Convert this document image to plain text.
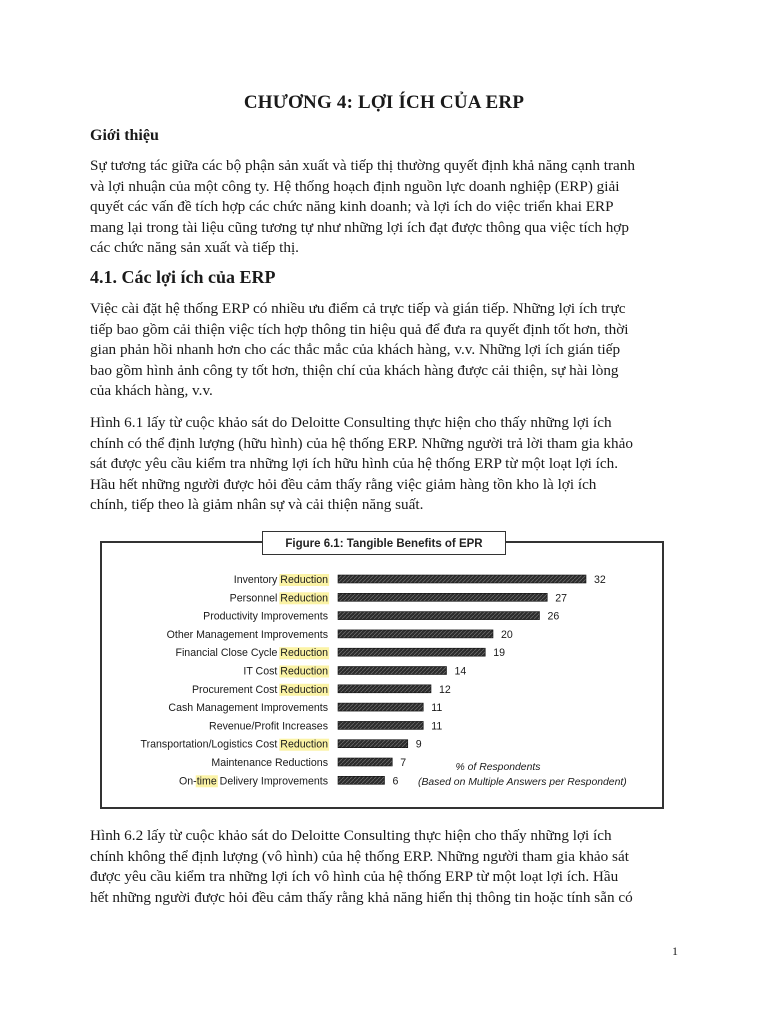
CHƯƠNG 4: LỢI ÍCH CỦA ERP
Giới thiệu
Sự tương tác giữa các bộ phận sản xuất và tiếp thị thường quyết định khả năng cạnh tranh
và lợi nhuận của một công ty. Hệ thống hoạch định nguồn lực doanh nghiệp (ERP) giải
quyết các vấn đề tích hợp các chức năng kinh doanh; và lợi ích do việc triển khai ERP
mang lại trong tài liệu cũng tương tự như những lợi ích đạt được thông qua việc tích hợp
các chức năng sản xuất và tiếp thị.
4.1. Các lợi ích của ERP
Việc cài đặt hệ thống ERP có nhiều ưu điểm cả trực tiếp và gián tiếp. Những lợi ích trực
tiếp bao gồm cải thiện việc tích hợp thông tin hiệu quả để đưa ra quyết định tốt hơn, thời
gian phản hồi nhanh hơn cho các thắc mắc của khách hàng, v.v. Những lợi ích gián tiếp
bao gồm hình ảnh công ty tốt hơn, thiện chí của khách hàng được cải thiện, sự hài lòng
của khách hàng, v.v.
Hình 6.1 lấy từ cuộc khảo sát do Deloitte Consulting thực hiện cho thấy những lợi ích
chính có thể định lượng (hữu hình) của hệ thống ERP. Những người trả lời tham gia khảo
sát được yêu cầu kiểm tra những lợi ích hữu hình của hệ thống ERP từ một loạt lợi ích.
Hầu hết những người được hỏi đều cảm thấy rằng việc giảm hàng tồn kho là lợi ích
chính, tiếp theo là giảm nhân sự và cải thiện năng suất.
Figure 6.1: Tangible Benefits of EPR
Inventory Reduction	32
Personnel Reduction	27
Productivity Improvements	26
Other Management Improvements	20
Financial Close Cycle Reduction	19
IT Cost Reduction	14
Procurement Cost Reduction	12
Cash Management Improvements	11
Revenue/Profit Increases	11
Transportation/Logistics Cost Reduction	9
Maintenance Reductions	7
On-time Delivery Improvements	6
% of Respondents
(Based on Multiple Answers per Respondent)
Hình 6.2 lấy từ cuộc khảo sát do Deloitte Consulting thực hiện cho thấy những lợi ích
chính không thể định lượng (vô hình) của hệ thống ERP. Những người tham gia khảo sát
được yêu cầu kiểm tra những lợi ích vô hình của hệ thống ERP từ một loạt lợi ích. Hầu
hết những người được hỏi đều cảm thấy rằng khả năng hiển thị thông tin hoặc tính sẵn có
1
